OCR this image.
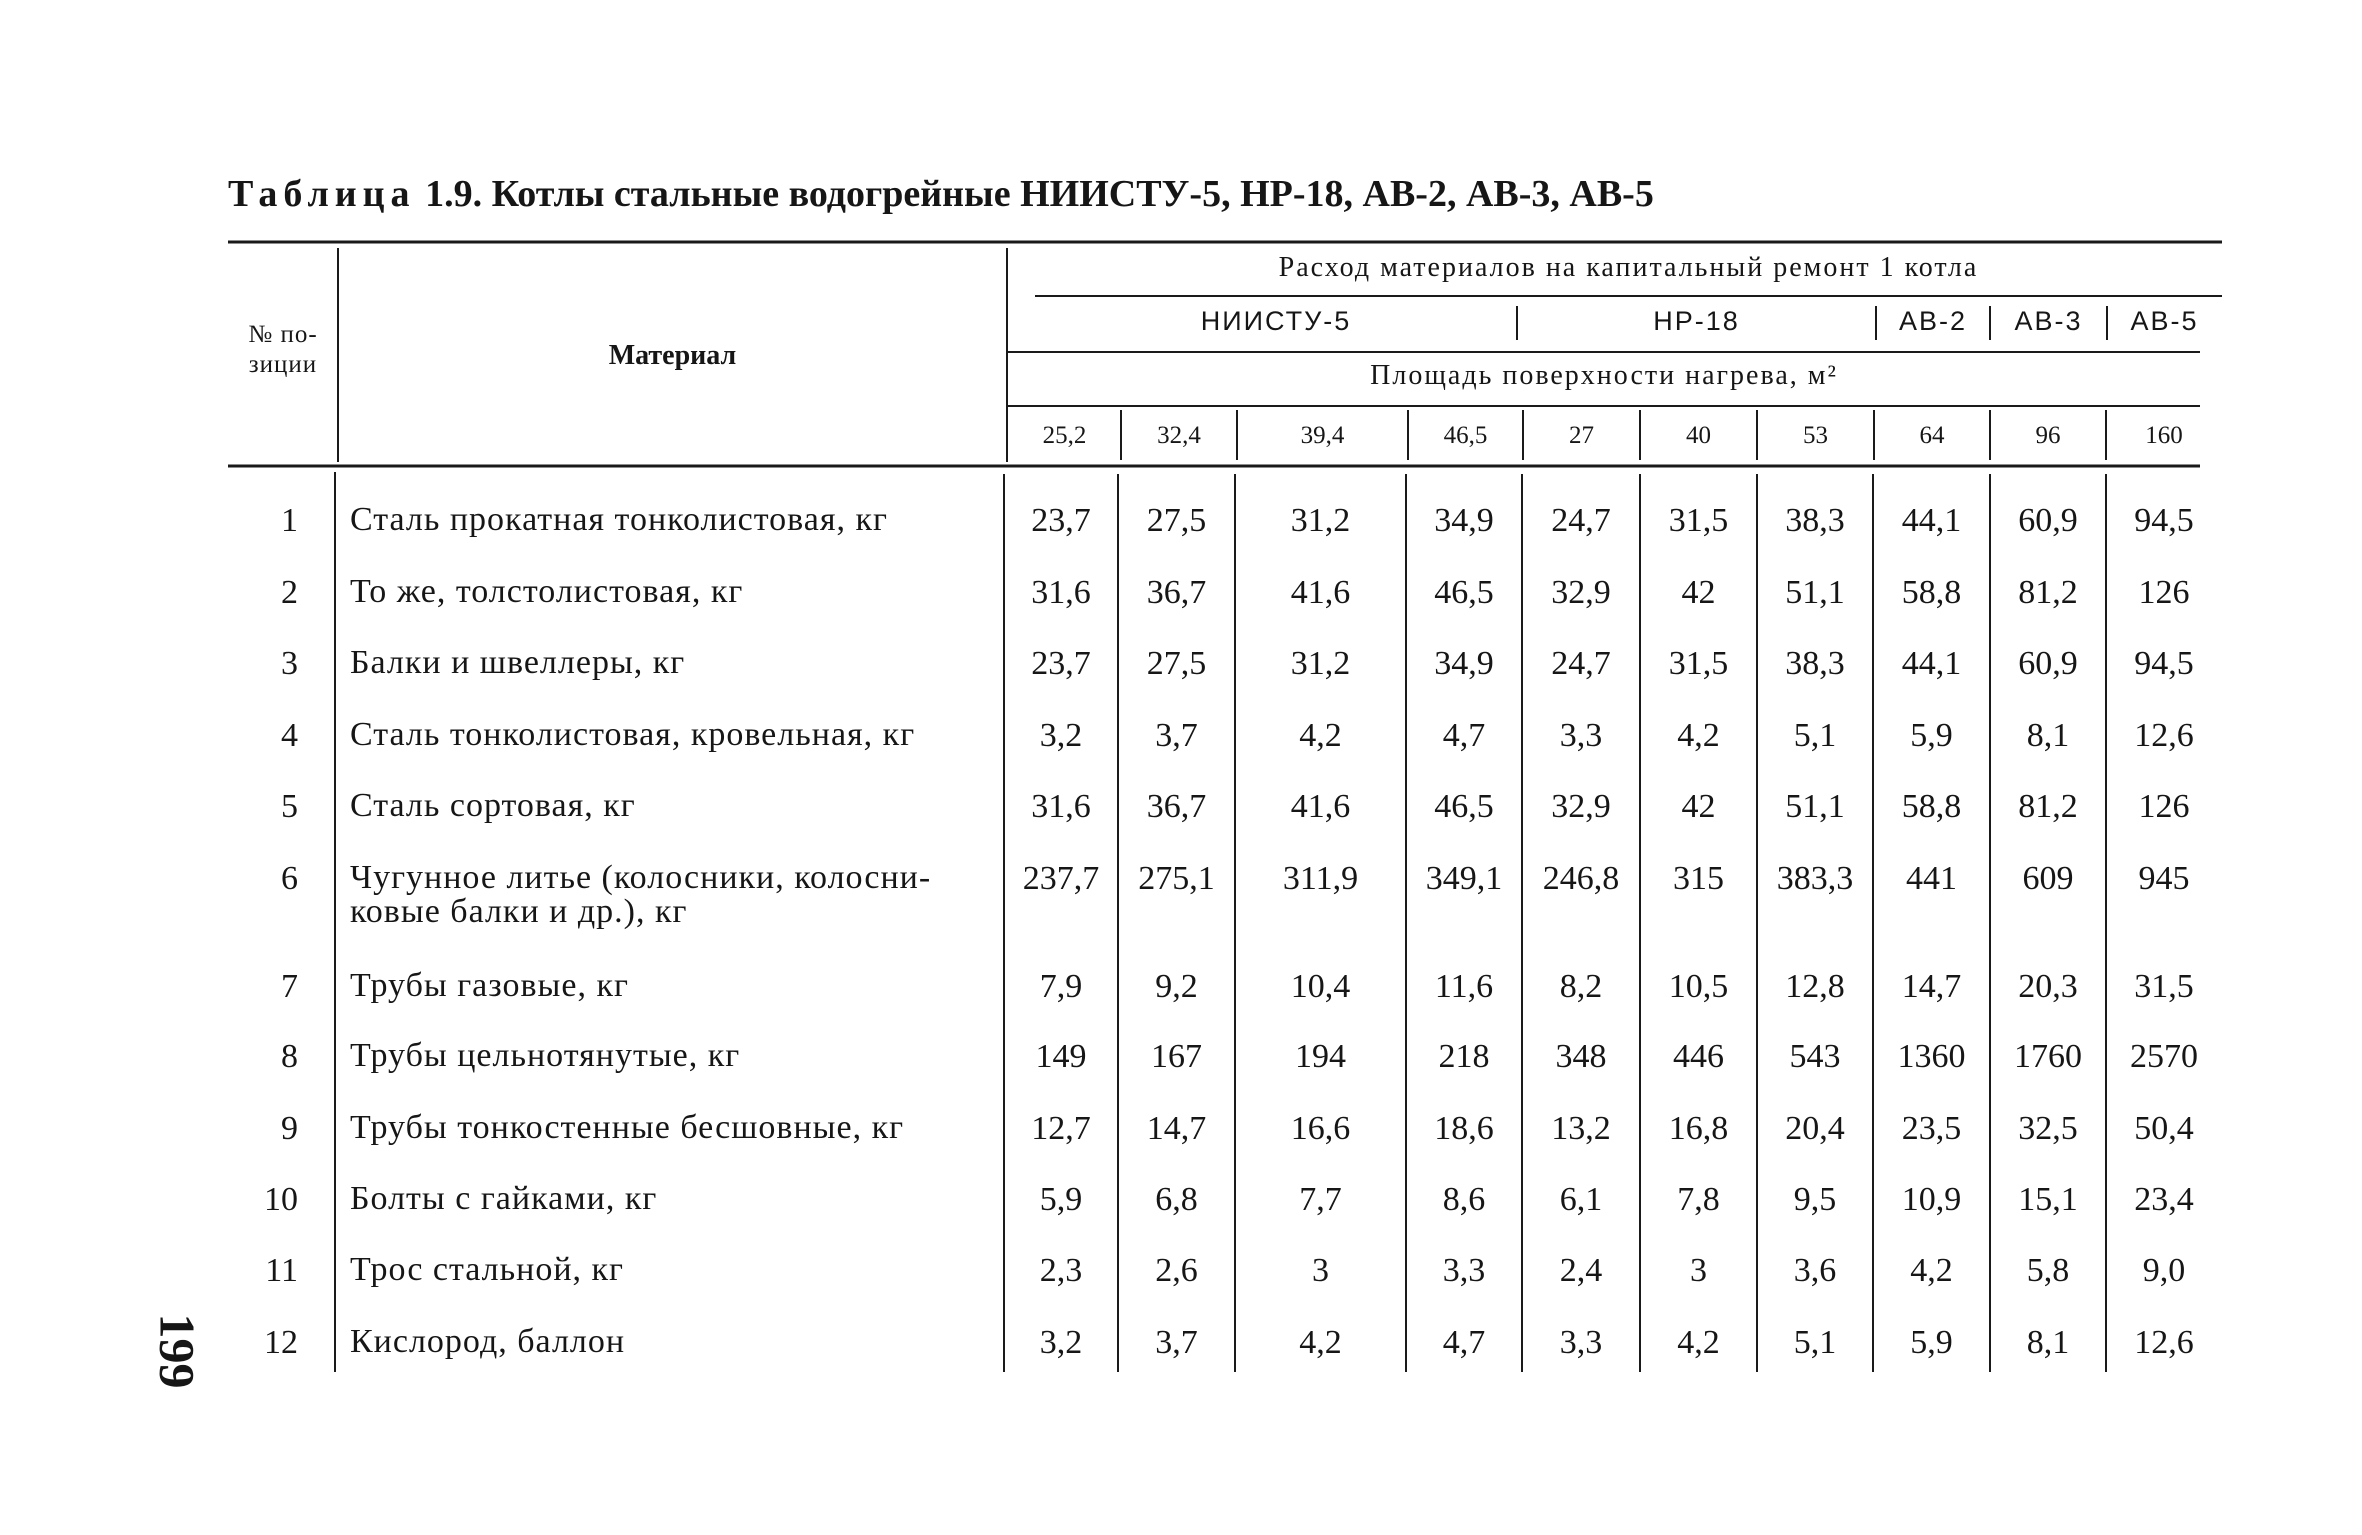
Таблица 1.9. Котлы стальные водогрейные НИИСТУ-5, НР-18, АВ-2, АВ-3, АВ-5
199
№ по-
зиции	Материал
Расход материалов на капитальный ремонт 1 котла
НИИСТУ-5	НР-18	АВ-2	АВ-3	АВ-5
Площадь поверхности нагрева, м²
25,2	32,4	39,4	46,5	27	40	53	64	96	160
1 Сталь прокатная тонколистовая, кг	23,7	27,5	31,2	34,9	24,7	31,5	38,3	44,1	60,9	94,5
2 То же, толстолистовая, кг	31,6	36,7	41,6	46,5	32,9	42	51,1	58,8	81,2	126
3 Балки и швеллеры, кг	23,7	27,5	31,2	34,9	24,7	31,5	38,3	44,1	60,9	94,5
4 Сталь тонколистовая, кровельная, кг	3,2	3,7	4,2	4,7	3,3	4,2	5,1	5,9	8,1	12,6
5 Сталь сортовая, кг	31,6	36,7	41,6	46,5	32,9	42	51,1	58,8	81,2	126
6 Чугунное литье (колосники, колосни-
ковые балки и др.), кг
237,7	275,1	311,9	349,1	246,8	315	383,3	441	609	945
7 Трубы газовые, кг	7,9	9,2	10,4	11,6	8,2	10,5	12,8	14,7	20,3	31,5
8 Трубы цельнотянутые, кг	149	167	194	218	348	446	543	1360	1760	2570
9 Трубы тонкостенные бесшовные, кг	12,7	14,7	16,6	18,6	13,2	16,8	20,4	23,5	32,5	50,4
10 Болты с гайками, кг	5,9	6,8	7,7	8,6	6,1	7,8	9,5	10,9	15,1	23,4
11 Трос стальной, кг	2,3	2,6	3	3,3	2,4	3	3,6	4,2	5,8	9,0
12 Кислород, баллон	3,2	3,7	4,2	4,7	3,3	4,2	5,1	5,9	8,1	12,6
